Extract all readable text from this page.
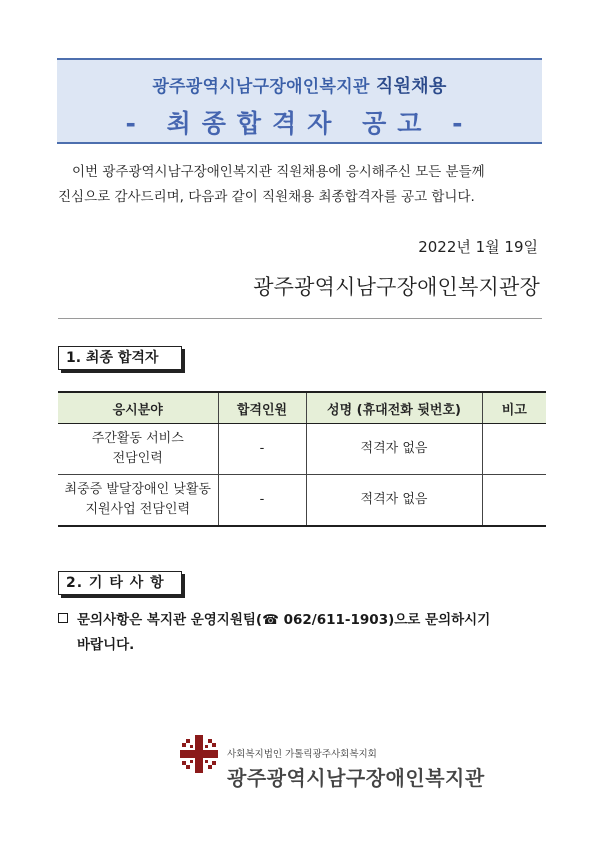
광주광역시남구장애인복지관 직원채용
- 최종합격자 공고 -

이번 광주광역시남구장애인복지관 직원채용에 응시해주신 모든 분들께

진심으로 감사드리며, 다음과 같이 직원채용 최종합격자를 공고 합니다.

2022년 1월 19일
광주광역시남구장애인복지관장
1. 최종 합격자
응시분야	합격인원	성명 (휴대전화 뒷번호)	비고

주간활동 서비스
전담인력	-	적격자 없음	

최중증 발달장애인 낮활동
지원사업 전담인력	-	적격자 없음	
2. 기 타 사 항
문의사항은 복지관 운영지원팀(☎ 062/611-1903)으로 문의하시기
바랍니다.
사회복지법인 가톨릭광주사회복지회
광주광역시남구장애인복지관
